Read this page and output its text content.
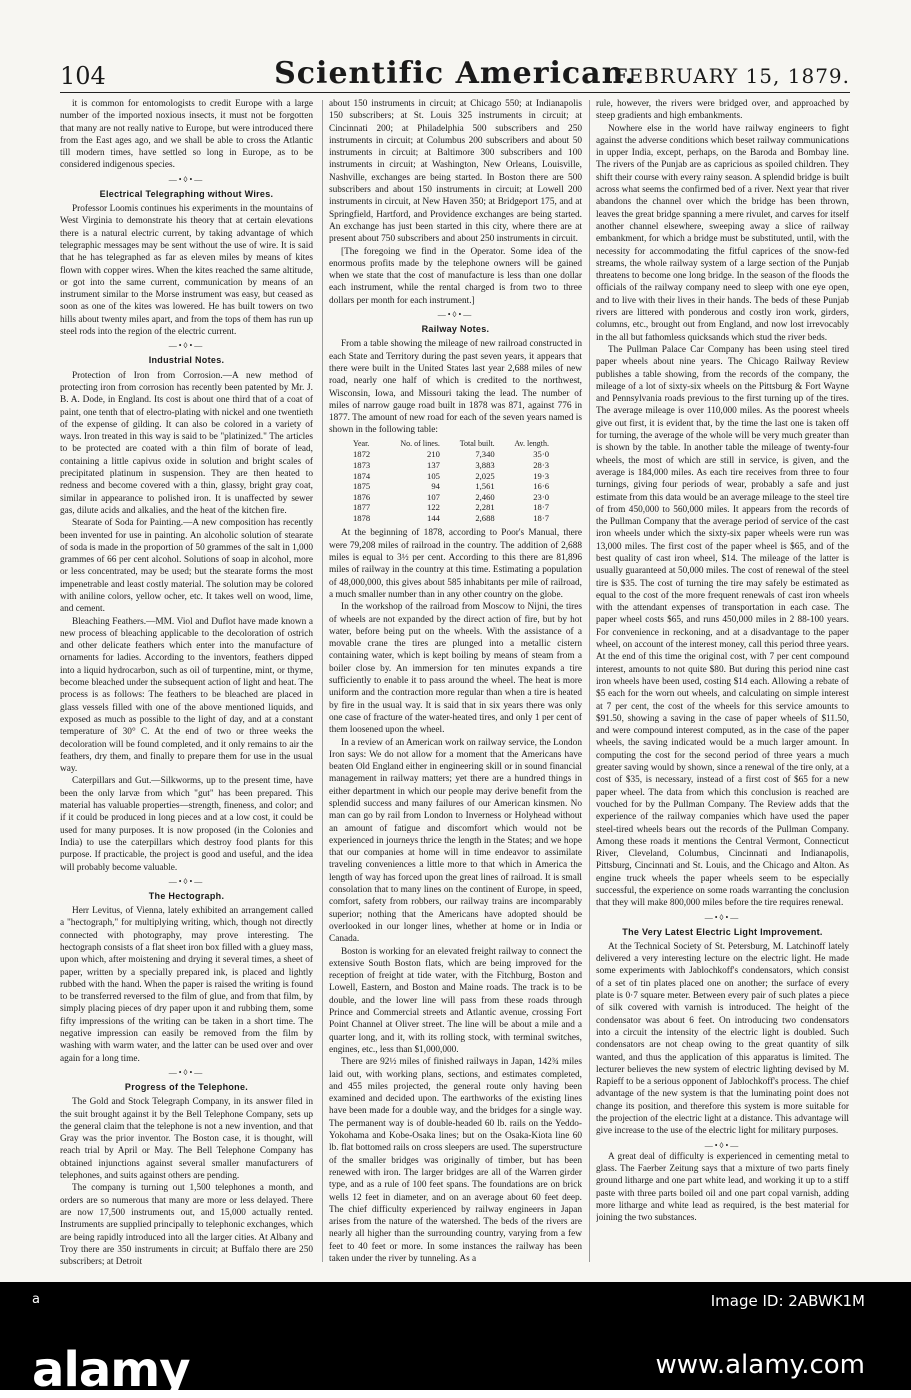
104	Scientific American.
FEBRUARY 15, 1879.

it is common for entomologists to credit Europe with a large number of the imported noxious insects, it must not be forgotten that many are not really native to Europe, but were introduced there from the East ages ago, and we shall be able to cross the Atlantic till modern times, have settled so long in Europe, as to be considered indigenous species.

—•◊•—
Electrical Telegraphing without Wires.

Professor Loomis continues his experiments in the mountains of West Virginia to demonstrate his theory that at certain elevations there is a natural electric current, by taking advantage of which telegraphic messages may be sent without the use of wire. It is said that he has telegraphed as far as eleven miles by means of kites flown with copper wires. When the kites reached the same altitude, or got into the same current, communication by means of an instrument similar to the Morse instrument was easy, but ceased as soon as one of the kites was lowered. He has built towers on two hills about twenty miles apart, and from the tops of them has run up steel rods into the region of the electric current.

—•◊•—
Industrial Notes.

Protection of Iron from Corrosion.—A new method of protecting iron from corrosion has recently been patented by Mr. J. B. A. Dode, in England. Its cost is about one third that of a coat of paint, one tenth that of electro-plating with nickel and one twentieth of the expense of gilding. It can also be colored in a variety of ways. Iron treated in this way is said to be "platinized." The articles to be protected are coated with a thin film of borate of lead, containing a little capivus oxide in solution and bright scales of precipitated platinum in suspension. They are then heated to redness and become covered with a thin, glassy, bright gray coat, similar in appearance to polished iron. It is unaffected by sewer gas, dilute acids and alkalies, and the heat of the kitchen fire.

Stearate of Soda for Painting.—A new composition has recently been invented for use in painting. An alcoholic solution of stearate of soda is made in the proportion of 50 grammes of the salt in 1,000 grammes of 66 per cent alcohol. Solutions of soap in alcohol, more or less concentrated, may be used; but the stearate forms the most impenetrable and least costly material. The solution may be colored with aniline colors, yellow ocher, etc. It takes well on wood, lime, and cement.

Bleaching Feathers.—MM. Viol and Duflot have made known a new process of bleaching applicable to the decoloration of ostrich and other delicate feathers which enter into the manufacture of ornaments for ladies. According to the inventors, feathers dipped into a liquid hydrocarbon, such as oil of turpentine, mint, or thyme, become bleached under the subsequent action of light and heat. The process is as follows: The feathers to be bleached are placed in glass vessels filled with one of the above mentioned liquids, and exposed as much as possible to the light of day, and at a constant temperature of 30° C. At the end of two or three weeks the decoloration will be found completed, and it only remains to air the feathers, dry them, and finally to prepare them for use in the usual way.

Caterpillars and Gut.—Silkworms, up to the present time, have been the only larvæ from which "gut" has been prepared. This material has valuable properties—strength, fineness, and color; and if it could be produced in long pieces and at a low cost, it could be used for many purposes. It is now proposed (in the Colonies and India) to use the caterpillars which destroy food plants for this purpose. If practicable, the project is good and useful, and the idea will probably become valuable.

—•◊•—
The Hectograph.

Herr Levitus, of Vienna, lately exhibited an arrangement called a "hectograph," for multiplying writing, which, though not directly connected with photography, may prove interesting. The hectograph consists of a flat sheet iron box filled with a gluey mass, upon which, after moistening and drying it several times, a sheet of paper, written by a specially prepared ink, is placed and lightly rubbed with the hand. When the paper is raised the writing is found to be transferred reversed to the film of glue, and from that film, by simply placing pieces of dry paper upon it and rubbing them, some fifty impressions of the writing can be taken in a short time. The negative impression can easily be removed from the film by washing with warm water, and the latter can be used over and over again for a long time.

—•◊•—
Progress of the Telephone.

The Gold and Stock Telegraph Company, in its answer filed in the suit brought against it by the Bell Telephone Company, sets up the general claim that the telephone is not a new invention, and that Gray was the prior inventor. The Boston case, it is thought, will reach trial by April or May. The Bell Telephone Company has obtained injunctions against several smaller manufacturers of telephones, and suits against others are pending.

The company is turning out 1,500 telephones a month, and orders are so numerous that many are more or less delayed. There are now 17,500 instruments out, and 15,000 actually rented. Instruments are supplied principally to telephonic exchanges, which are being rapidly introduced into all the larger cities. At Albany and Troy there are 350 instruments in circuit; at Buffalo there are 250 subscribers; at Detroit

about 150 instruments in circuit; at Chicago 550; at Indianapolis 150 subscribers; at St. Louis 325 instruments in circuit; at Cincinnati 200; at Philadelphia 500 subscribers and 250 instruments in circuit; at Columbus 200 subscribers and about 50 instruments in circuit; at Baltimore 300 subscribers and 100 instruments in circuit; at Washington, New Orleans, Louisville, Nashville, exchanges are being started. In Boston there are 500 subscribers and about 150 instruments in circuit; at Lowell 200 instruments in circuit, at New Haven 350; at Bridgeport 175, and at Springfield, Hartford, and Providence exchanges are being started. An exchange has just been started in this city, where there are at present about 750 subscribers and about 250 instruments in circuit.

[The foregoing we find in the Operator. Some idea of the enormous profits made by the telephone owners will be gained when we state that the cost of manufacture is less than one dollar each instrument, while the rental charged is from two to three dollars per month for each instrument.]

—•◊•—
Railway Notes.

From a table showing the mileage of new railroad constructed in each State and Territory during the past seven years, it appears that there were built in the United States last year 2,688 miles of new road, nearly one half of which is credited to the northwest, Wisconsin, Iowa, and Missouri taking the lead. The number of miles of narrow gauge road built in 1878 was 871, against 776 in 1877. The amount of new road for each of the seven years named is shown in the following table:

Year.	No. of lines.	Total built.	Av. length.
1872	210	7,340	35·0
1873	137	3,883	28·3
1874	105	2,025	19·3
1875	94	1,561	16·6
1876	107	2,460	23·0
1877	122	2,281	18·7
1878	144	2,688	18·7

At the beginning of 1878, according to Poor's Manual, there were 79,208 miles of railroad in the country. The addition of 2,688 miles is equal to 3½ per cent. According to this there are 81,896 miles of railway in the country at this time. Estimating a population of 48,000,000, this gives about 585 inhabitants per mile of railroad, a much smaller number than in any other country on the globe.

In the workshop of the railroad from Moscow to Nijni, the tires of wheels are not expanded by the direct action of fire, but by hot water, before being put on the wheels. With the assistance of a movable crane the tires are plunged into a metallic cistern containing water, which is kept boiling by means of steam from a boiler close by. An immersion for ten minutes expands a tire sufficiently to enable it to pass around the wheel. The heat is more uniform and the contraction more regular than when a tire is heated by fire in the usual way. It is said that in six years there was only one case of fracture of the water-heated tires, and only 1 per cent of them loosened upon the wheel.

In a review of an American work on railway service, the London Iron says: We do not allow for a moment that the Americans have beaten Old England either in engineering skill or in sound financial management in railway matters; yet there are a hundred things in either department in which our people may derive benefit from the splendid success and many failures of our American kinsmen. No man can go by rail from London to Inverness or Holyhead without an amount of fatigue and discomfort which would not be experienced in journeys thrice the length in the States; and we hope that our companies at home will in time endeavor to assimilate traveling conveniences a little more to that which in America the length of way has forced upon the great lines of railroad. It is small consolation that to many lines on the continent of Europe, in speed, comfort, safety from robbers, our railway trains are incomparably superior; nothing that the Americans have adopted should be overlooked in our longer lines, whether at home or in India or Canada.

Boston is working for an elevated freight railway to connect the extensive South Boston flats, which are being improved for the reception of freight at tide water, with the Fitchburg, Boston and Lowell, Eastern, and Boston and Maine roads. The track is to be double, and the lower line will pass from these roads through Prince and Commercial streets and Atlantic avenue, crossing Fort Point Channel at Oliver street. The line will be about a mile and a quarter long, and it, with its rolling stock, with terminal switches, engines, etc., less than $1,000,000.

There are 92½ miles of finished railways in Japan, 142¾ miles laid out, with working plans, sections, and estimates completed, and 455 miles projected, the general route only having been examined and decided upon. The earthworks of the existing lines have been made for a double way, and the bridges for a single way. The permanent way is of double-headed 60 lb. rails on the Yeddo-Yokohama and Kobe-Osaka lines; but on the Osaka-Kiota line 60 lb. flat bottomed rails on cross sleepers are used. The superstructure of the smaller bridges was originally of timber, but has been renewed with iron. The larger bridges are all of the Warren girder type, and as a rule of 100 feet spans. The foundations are on brick wells 12 feet in diameter, and on an average about 60 feet deep. The chief difficulty experienced by railway engineers in Japan arises from the nature of the watershed. The beds of the rivers are nearly all higher than the surrounding country, varying from a few feet to 40 feet or more. In some instances the railway has been taken under the river by tunneling. As a

rule, however, the rivers were bridged over, and approached by steep gradients and high embankments.

Nowhere else in the world have railway engineers to fight against the adverse conditions which beset railway communications in upper India, except, perhaps, on the Baroda and Bombay line. The rivers of the Punjab are as capricious as spoiled children. They shift their course with every rainy season. A splendid bridge is built across what seems the confirmed bed of a river. Next year that river abandons the channel over which the bridge has been thrown, leaves the great bridge spanning a mere rivulet, and carves for itself another channel elsewhere, sweeping away a slice of railway embankment, for which a bridge must be substituted, until, with the necessity for accommodating the fitful caprices of the snow-fed streams, the whole railway system of a large section of the Punjab threatens to become one long bridge. In the season of the floods the officials of the railway company need to sleep with one eye open, and to live with their lives in their hands. The beds of these Punjab rivers are littered with ponderous and costly iron work, girders, columns, etc., brought out from England, and now lost irrevocably in the all but fathomless quicksands which stud the river beds.

The Pullman Palace Car Company has been using steel tired paper wheels about nine years. The Chicago Railway Review publishes a table showing, from the records of the company, the mileage of a lot of sixty-six wheels on the Pittsburg & Fort Wayne and Pennsylvania roads previous to the first turning up of the tires. The average mileage is over 110,000 miles. As the poorest wheels give out first, it is evident that, by the time the last one is taken off for turning, the average of the whole will be very much greater than is shown by the table. In another table the mileage of twenty-four wheels, the most of which are still in service, is given, and the average is 184,000 miles. As each tire receives from three to four turnings, giving four periods of wear, probably a safe and just estimate from this data would be an average mileage to the steel tire of from 450,000 to 560,000 miles. It appears from the records of the Pullman Company that the average period of service of the cast iron wheels under which the sixty-six paper wheels were run was 13,000 miles. The first cost of the paper wheel is $65, and of the best quality of cast iron wheel, $14. The mileage of the latter is usually guaranteed at 50,000 miles. The cost of renewal of the steel tire is $35. The cost of turning the tire may safely be estimated as equal to the cost of the more frequent renewals of cast iron wheels with the attendant expenses of transportation in each case. The paper wheel costs $65, and runs 450,000 miles in 2 88-100 years. For convenience in reckoning, and at a disadvantage to the paper wheel, on account of the interest money, call this period three years. At the end of this time the original cost, with 7 per cent compound interest, amounts to not quite $80. But during this period nine cast iron wheels have been used, costing $14 each. Allowing a rebate of $5 each for the worn out wheels, and calculating on simple interest at 7 per cent, the cost of the wheels for this service amounts to $91.50, showing a saving in the case of paper wheels of $11.50, and were compound interest computed, as in the case of the paper wheels, the saving indicated would be a much larger amount. In computing the cost for the second period of three years a much greater saving would by shown, since a renewal of the tire only, at a cost of $35, is necessary, instead of a first cost of $65 for a new paper wheel. The data from which this conclusion is reached are vouched for by the Pullman Company. The Review adds that the experience of the railway companies which have used the paper steel-tired wheels bears out the records of the Pullman Company. Among these roads it mentions the Central Vermont, Connecticut River, Cleveland, Columbus, Cincinnati and Indianapolis, Pittsburg, Cincinnati and St. Louis, and the Chicago and Alton. As engine truck wheels the paper wheels seem to be especially successful, the experience on some roads warranting the conclusion that they will make 800,000 miles before the tire requires renewal.

—•◊•—
The Very Latest Electric Light Improvement.

At the Technical Society of St. Petersburg, M. Latchinoff lately delivered a very interesting lecture on the electric light. He made some experiments with Jablochkoff's condensators, which consist of a set of tin plates placed one on another; the surface of every plate is 0·7 square meter. Between every pair of such plates a piece of silk covered with varnish is introduced. The height of the condensator was about 6 feet. On introducing two condensators into a circuit the intensity of the electric light is doubled. Such condensators are not cheap owing to the great quantity of silk wanted, and thus the application of this apparatus is limited. The lecturer believes the new system of electric lighting devised by M. Rapieff to be a serious opponent of Jablochkoff's process. The chief advantage of the new system is that the luminating point does not change its position, and therefore this system is more suitable for the projection of the electric light at a distance. This advantage will give increase to the use of the electric light for military purposes.

—•◊•—

A great deal of difficulty is experienced in cementing metal to glass. The Faerber Zeitung says that a mixture of two parts finely ground litharge and one part white lead, and working it up to a stiff paste with three parts boiled oil and one part copal varnish, adding more litharge and white lead as required, is the best material for joining the two substances.

a
alamy
Image ID: 2ABWK1M
www.alamy.com
